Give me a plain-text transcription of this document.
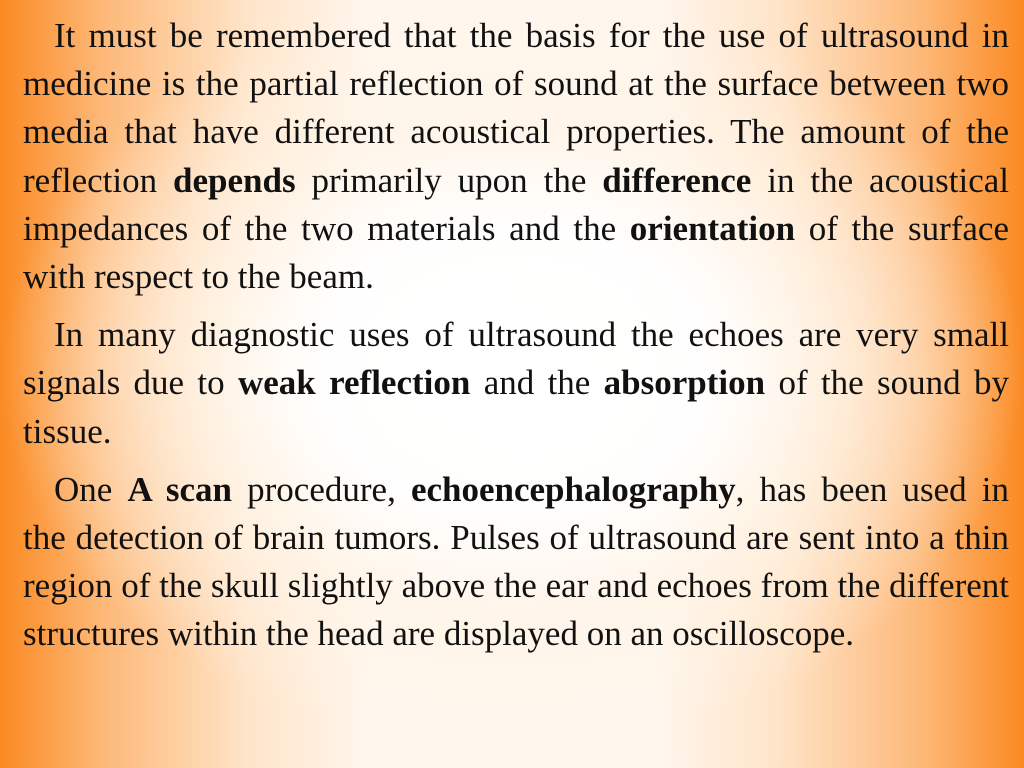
It must be remembered that the basis for the use of ultrasound in medicine is the partial reflection of sound at the surface between two media that have different acoustical properties. The amount of the reflection depends primarily upon the difference in the acoustical impedances of the two materials and the orientation of the surface with respect to the beam.

In many diagnostic uses of ultrasound the echoes are very small signals due to weak reflection and the absorption of the sound by tissue.

One A scan procedure, echoencephalography, has been used in the detection of brain tumors. Pulses of ultrasound are sent into a thin region of the skull slightly above the ear and echoes from the different structures within the head are displayed on an oscilloscope.
